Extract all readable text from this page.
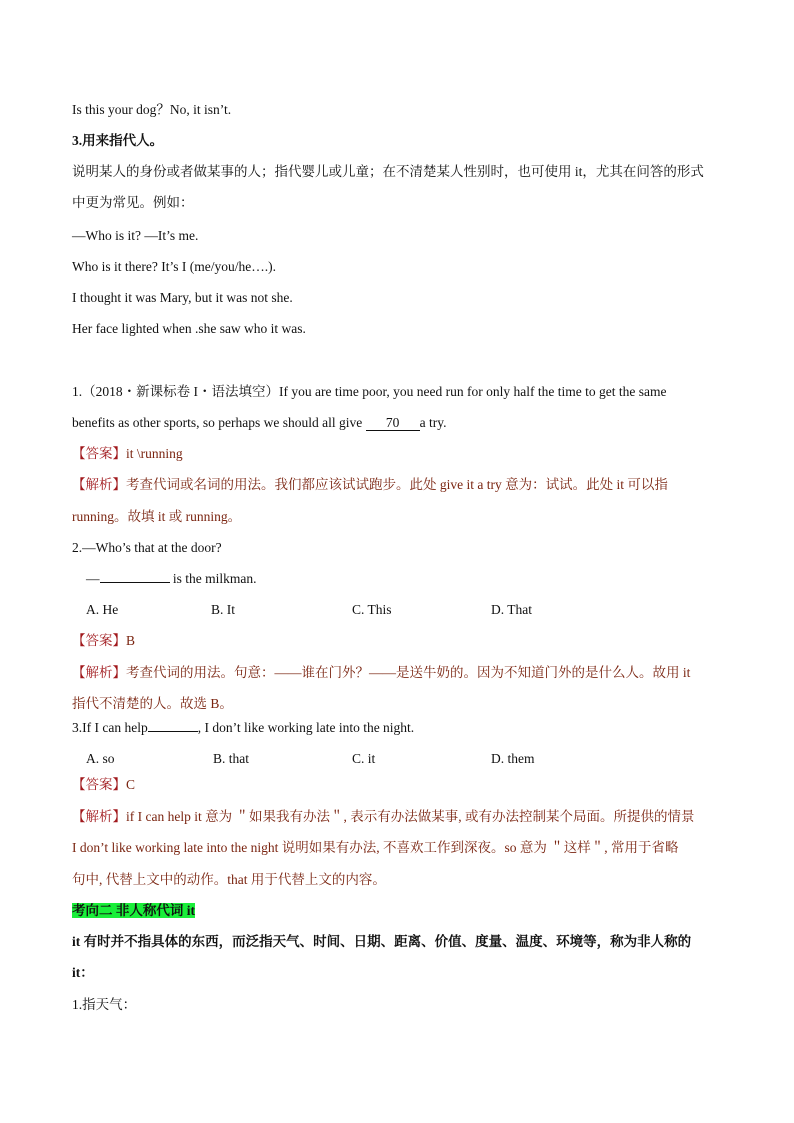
Is this your dog？No, it isn’t.
3.用来指代人。
说明某人的身份或者做某事的人；指代婴儿或儿童；在不清楚某人性别时，也可使用 it，尤其在问答的形式
中更为常见。例如：
—Who is it? —It’s me.
Who is it there? It’s I (me/you/he….).
I thought it was Mary, but it was not she.
Her face lighted when .she saw who it was.
1.（2018・新课标卷 I・语法填空）If you are time poor, you need run for only half the time to get the same
benefits as other sports, so perhaps we should all give 70 a try.
【答案】it \running
【解析】考查代词或名词的用法。我们都应该试试跑步。此处 give it a try 意为：试试。此处 it 可以指
running。故填 it 或 running。
2.—Who’s that at the door?
—	is the milkman.
A. He	B. It	C. This	D. That
【答案】B
【解析】考查代词的用法。句意：——谁在门外？——是送牛奶的。因为不知道门外的是什么人。故用 it
指代不清楚的人。故选 B。
3.If I can help	, I don’t like working late into the night.
A. so	B. that	C. it	D. them
【答案】C
【解析】if I can help it 意为 ＂如果我有办法＂, 表示有办法做某事, 或有办法控制某个局面。所提供的情景
I don’t like working late into the night 说明如果有办法, 不喜欢工作到深夜。so 意为 ＂这样＂, 常用于省略
句中, 代替上文中的动作。that 用于代替上文的内容。
考向二 非人称代词 it
it 有时并不指具体的东西，而泛指天气、时间、日期、距离、价值、度量、温度、环境等，称为非人称的
it：
1.指天气：
